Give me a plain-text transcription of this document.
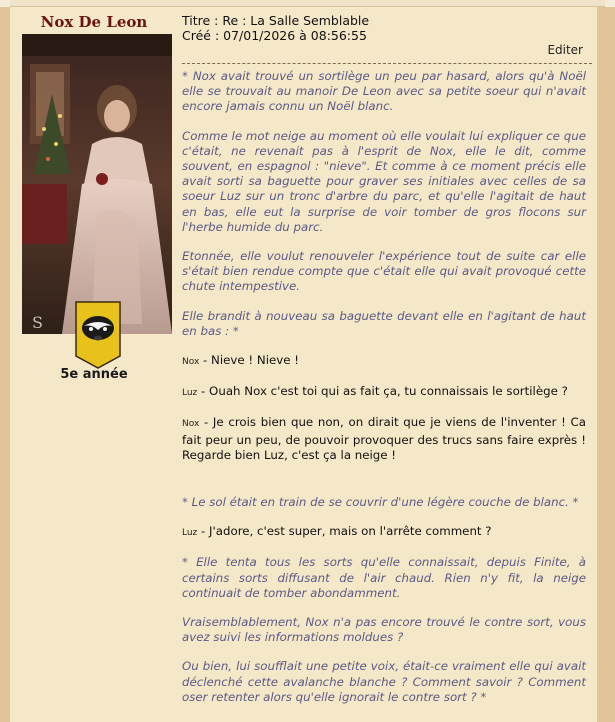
Nox De Leon
S
5e année
Titre : Re : La Salle Semblable
Créé : 07/01/2026 à 08:56:55
Editer

* Nox avait trouvé un sortilège un peu par hasard, alors qu'à Noël elle se trouvait au manoir De Leon avec sa petite soeur qui n'avait encore jamais connu un Noël blanc.

Comme le mot neige au moment où elle voulait lui expliquer ce que c'était, ne revenait pas à l'esprit de Nox, elle le dit, comme souvent, en espagnol : "nieve". Et comme à ce moment précis elle avait sorti sa baguette pour graver ses initiales avec celles de sa soeur Luz sur un tronc d'arbre du parc, et qu'elle l'agitait de haut en bas, elle eut la surprise de voir tomber de gros flocons sur l'herbe humide du parc.

Etonnée, elle voulut renouveler l'expérience tout de suite car elle s'était bien rendue compte que c'était elle qui avait provoqué cette chute intempestive.

Elle brandit à nouveau sa baguette devant elle en l'agitant de haut en bas : *

Nox - Nieve ! Nieve !

Luz - Ouah Nox c'est toi qui as fait ça, tu connaissais le sortilège ?

Nox - Je crois bien que non, on dirait que je viens de l'inventer ! Ca fait peur un peu, de pouvoir provoquer des trucs sans faire exprès ! Regarde bien Luz, c'est ça la neige !

* Le sol était en train de se couvrir d'une légère couche de blanc. *

Luz - J'adore, c'est super, mais on l'arrête comment ?

* Elle tenta tous les sorts qu'elle connaissait, depuis Finite, à certains sorts diffusant de l'air chaud. Rien n'y fit, la neige continuait de tomber abondamment.

Vraisemblablement, Nox n'a pas encore trouvé le contre sort, vous avez suivi les informations moldues ?

Ou bien, lui soufflait une petite voix, était-ce vraiment elle qui avait déclenché cette avalanche blanche ? Comment savoir ? Comment oser retenter alors qu'elle ignorait le contre sort ? *
